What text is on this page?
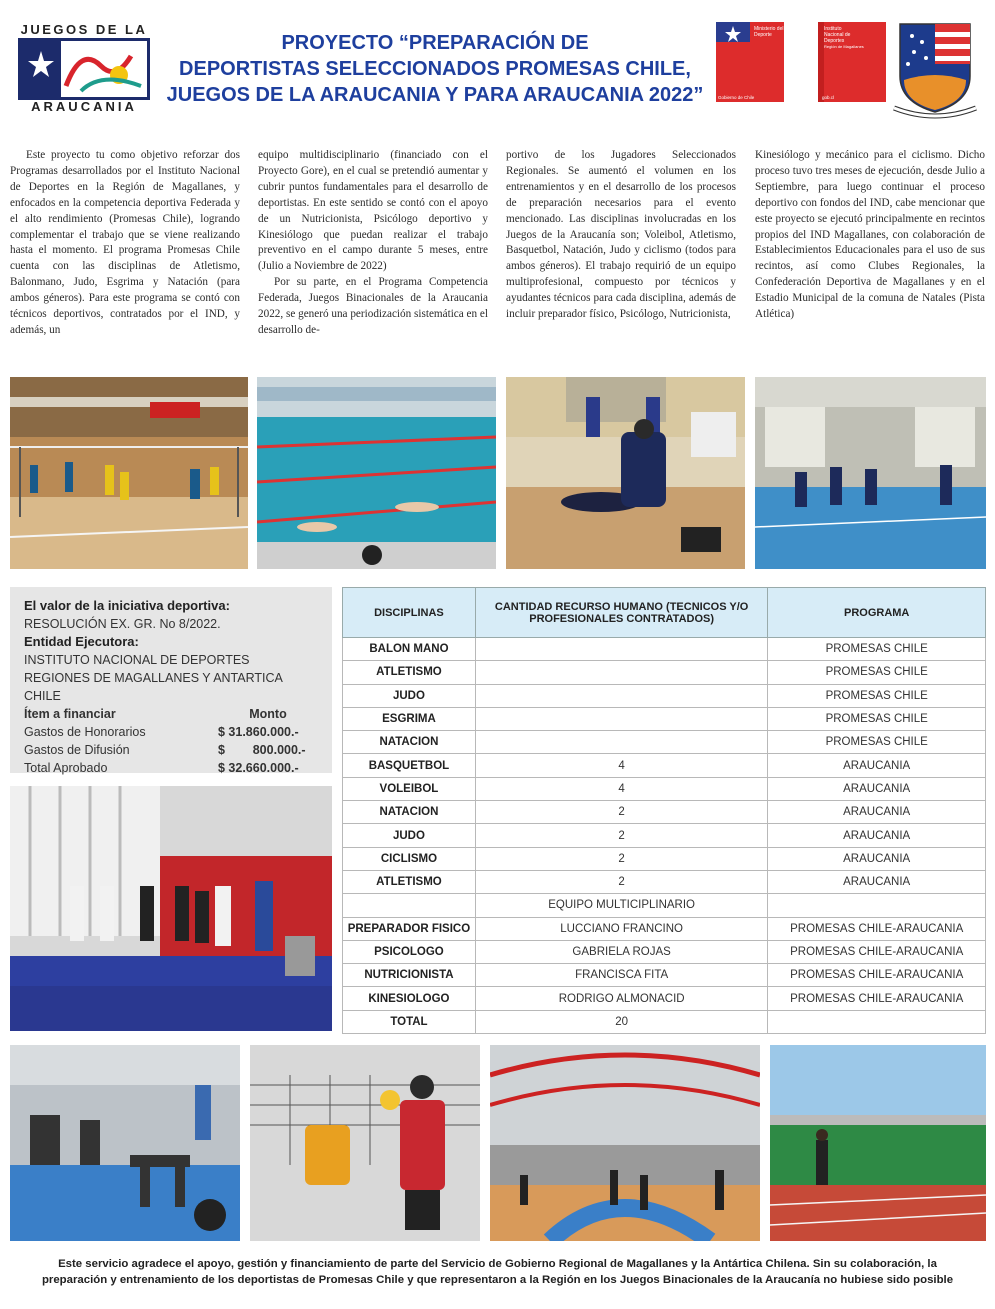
JUEGOS DE LA
ARAUCANIA
PROYECTO “PREPARACIÓN DE
DEPORTISTAS SELECCIONADOS PROMESAS CHILE,
JUEGOS DE LA ARAUCANIA Y PARA ARAUCANIA 2022”
Ministerio del
Deporte
Gobierno de Chile
Instituto
Nacional de
Deportes
Región de Magallanes
gob.cl

Este proyecto tu como objetivo reforzar dos Programas desarrollados por el Instituto Nacional de Deportes en la Región de Magallanes, y enfocados en la competencia deportiva Federada y el alto rendimiento (Promesas Chile), logrando complementar el trabajo que se viene realizando hasta el momento. El programa Promesas Chile cuenta con las disciplinas de Atletismo, Balonmano, Judo, Esgrima y Natación (para ambos géneros). Para este programa se contó con técnicos deportivos, contratados por el IND, y además, un

equipo multidisciplinario (financiado con el Proyecto Gore), en el cual se pretendió aumentar y cubrir puntos fundamentales para el desarrollo de deportistas. En este sentido se contó con el apoyo de un Nutricionista, Psicólogo deportivo y Kinesiólogo que puedan realizar el trabajo preventivo en el campo durante 5 meses, entre (Julio a Noviembre de 2022)

Por su parte, en el Programa Competencia Federada, Juegos Binacionales de la Araucania 2022, se generó una periodización sistemática en el desarrollo de-

portivo de los Jugadores Seleccionados Regionales. Se aumentó el volumen en los entrenamientos y en el desarrollo de los procesos de preparación necesarios para el evento mencionado. Las disciplinas involucradas en los Juegos de la Araucanía son; Voleibol, Atletismo, Basquetbol, Natación, Judo y ciclismo (todos para ambos géneros). El trabajo requirió de un equipo multiprofesional, compuesto por técnicos y ayudantes técnicos para cada disciplina, además de incluir preparador físico, Psicólogo, Nutricionista,

Kinesiólogo y mecánico para el ciclismo. Dicho proceso tuvo tres meses de ejecución, desde Julio a Septiembre, para luego continuar el proceso deportivo con fondos del IND, cabe mencionar que este proyecto se ejecutó principalmente en recintos propios del IND Magallanes, con colaboración de Establecimientos Educacionales para el uso de sus recintos, así como Clubes Regionales, la Confederación Deportiva de Magallanes y en el Estadio Municipal de la comuna de Natales (Pista Atlética)

El valor de la iniciativa deportiva:
RESOLUCIÓN EX. GR. No 8/2022.
Entidad Ejecutora:
INSTITUTO NACIONAL DE DEPORTES REGIONES DE MAGALLANES Y ANTARTICA CHILE
Ítem a financiar	Monto
Gastos de Honorarios	$ 31.860.000.-
Gastos de Difusión	$        800.000.-
Total Aprobado	$ 32.660.000.-
DISCIPLINAS	CANTIDAD RECURSO HUMANO (TECNICOS Y/O PROFESIONALES CONTRATADOS)	PROGRAMA
BALON MANO		PROMESAS CHILE
ATLETISMO		PROMESAS CHILE
JUDO		PROMESAS CHILE
ESGRIMA		PROMESAS CHILE
NATACION		PROMESAS CHILE
BASQUETBOL	4	ARAUCANIA
VOLEIBOL	4	ARAUCANIA
NATACION	2	ARAUCANIA
JUDO	2	ARAUCANIA
CICLISMO	2	ARAUCANIA
ATLETISMO	2	ARAUCANIA
	EQUIPO MULTICIPLINARIO	
PREPARADOR FISICO	LUCCIANO FRANCINO	PROMESAS CHILE-ARAUCANIA
PSICOLOGO	GABRIELA ROJAS	PROMESAS CHILE-ARAUCANIA
NUTRICIONISTA	FRANCISCA FITA	PROMESAS CHILE-ARAUCANIA
KINESIOLOGO	RODRIGO ALMONACID	PROMESAS CHILE-ARAUCANIA
TOTAL	20	
Este servicio agradece el apoyo, gestión y financiamiento de parte del Servicio de Gobierno Regional de Magallanes y la Antártica Chilena. Sin su colaboración, la
preparación y entrenamiento de los deportistas de Promesas Chile y que representaron a la Región en los Juegos Binacionales de la Araucanía no hubiese sido posible
